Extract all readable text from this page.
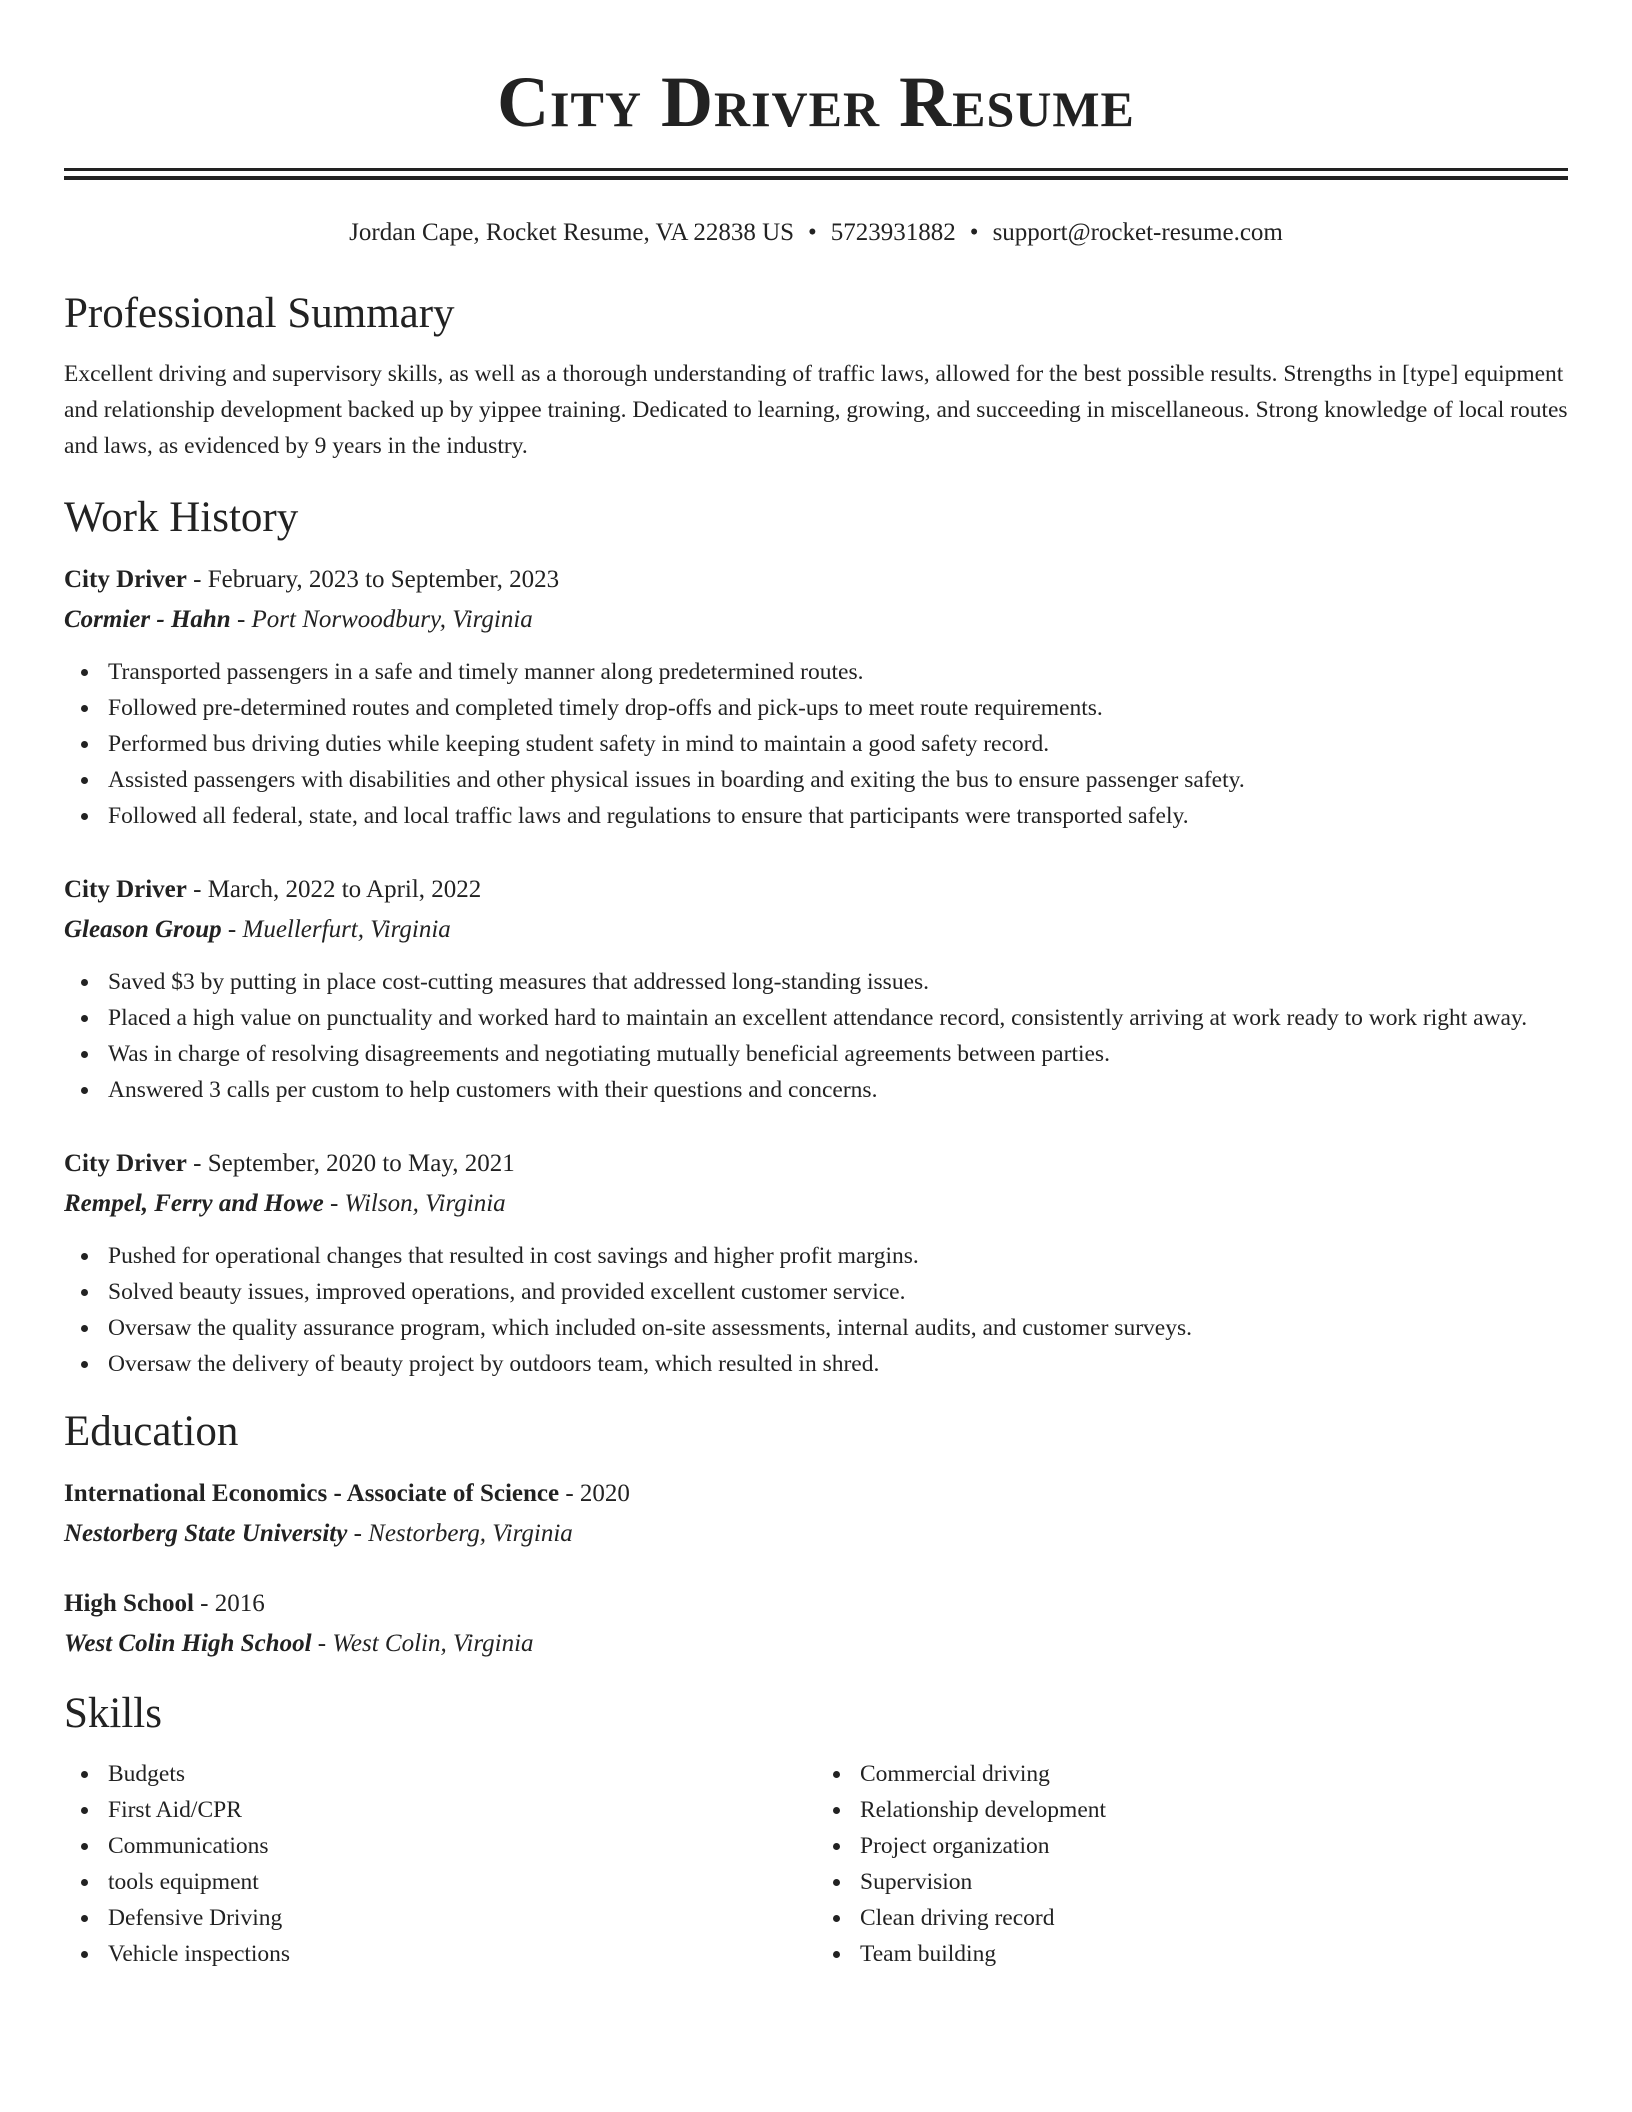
City Driver Resume
Jordan Cape, Rocket Resume, VA 22838 US • 5723931882 • support@rocket-resume.com
Professional Summary

Excellent driving and supervisory skills, as well as a thorough understanding of traffic laws, allowed for the best possible results. Strengths in [type] equipment and relationship development backed up by yippee training. Dedicated to learning, growing, and succeeding in miscellaneous. Strong knowledge of local routes and laws, as evidenced by 9 years in the industry.

Work History
City Driver - February, 2023 to September, 2023
Cormier - Hahn - Port Norwoodbury, Virginia
Transported passengers in a safe and timely manner along predetermined routes.
Followed pre-determined routes and completed timely drop-offs and pick-ups to meet route requirements.
Performed bus driving duties while keeping student safety in mind to maintain a good safety record.
Assisted passengers with disabilities and other physical issues in boarding and exiting the bus to ensure passenger safety.
Followed all federal, state, and local traffic laws and regulations to ensure that participants were transported safely.
City Driver - March, 2022 to April, 2022
Gleason Group - Muellerfurt, Virginia
Saved $3 by putting in place cost-cutting measures that addressed long-standing issues.
Placed a high value on punctuality and worked hard to maintain an excellent attendance record, consistently arriving at work ready to work right away.
Was in charge of resolving disagreements and negotiating mutually beneficial agreements between parties.
Answered 3 calls per custom to help customers with their questions and concerns.
City Driver - September, 2020 to May, 2021
Rempel, Ferry and Howe - Wilson, Virginia
Pushed for operational changes that resulted in cost savings and higher profit margins.
Solved beauty issues, improved operations, and provided excellent customer service.
Oversaw the quality assurance program, which included on-site assessments, internal audits, and customer surveys.
Oversaw the delivery of beauty project by outdoors team, which resulted in shred.
Education
International Economics - Associate of Science - 2020
Nestorberg State University - Nestorberg, Virginia
High School - 2016
West Colin High School - West Colin, Virginia
Skills
Budgets
First Aid/CPR
Communications
tools equipment
Defensive Driving
Vehicle inspections
Commercial driving
Relationship development
Project organization
Supervision
Clean driving record
Team building
